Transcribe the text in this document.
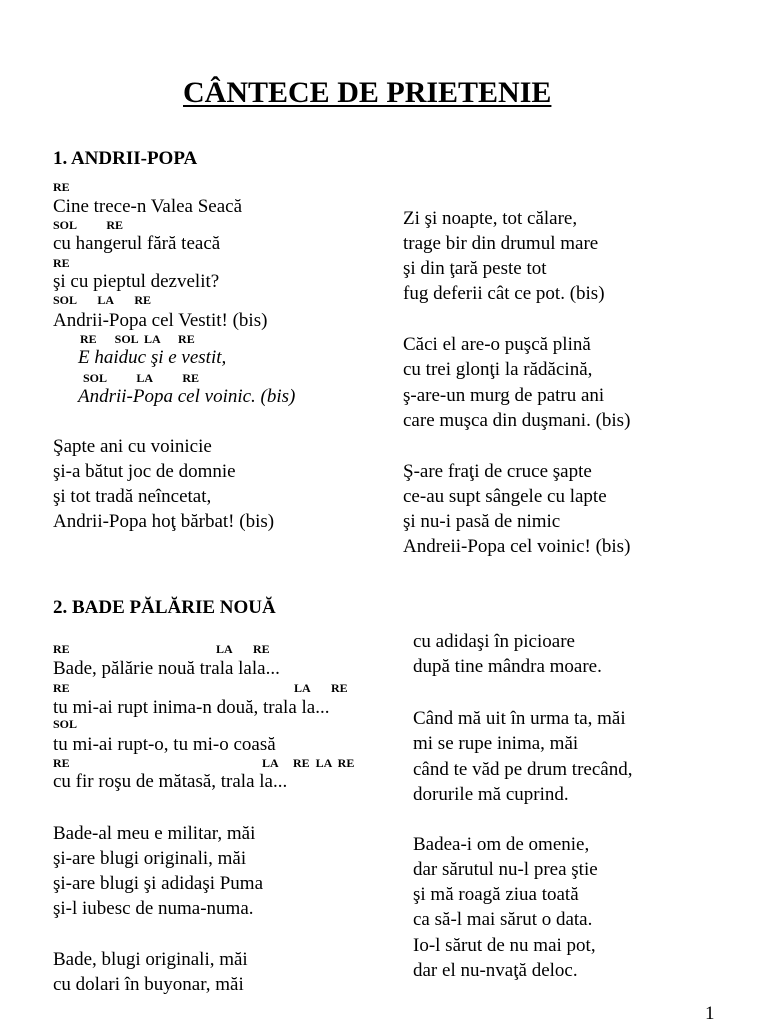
CÂNTECE DE PRIETENIE
1. ANDRII-POPA
RE
Cine trece-n Valea Seacă
SOL          RE
cu hangerul fără teacă
RE
şi cu pieptul dezvelit?
SOL       LA       RE
Andrii-Popa cel Vestit! (bis)
RE      SOL  LA      RE
E haiduc şi e vestit,
SOL          LA          RE
Andrii-Popa cel voinic. (bis)
Şapte ani cu voinicie
şi-a bătut joc de domnie
şi tot tradă neîncetat,
Andrii-Popa hoţ bărbat! (bis)
Zi şi noapte, tot călare,
trage bir din drumul mare
şi din ţară peste tot
fug deferii cât ce pot. (bis)
Căci el are-o puşcă plină
cu trei glonţi la rădăcină,
ş-are-un murg de patru ani
care muşca din duşmani. (bis)
Ş-are fraţi de cruce şapte
ce-au supt sângele cu lapte
şi nu-i pasă de nimic
Andreii-Popa cel voinic! (bis)
2. BADE PĂLĂRIE NOUĂ
RE	LA       RE
Bade, pălărie nouă trala lala...
RE	LA       RE
tu mi-ai rupt inima-n două, trala la...
SOL
tu mi-ai rupt-o, tu mi-o coasă
RE	LA     RE  LA  RE
cu fir roşu de mătasă, trala la...
Bade-al meu e militar, măi
şi-are blugi originali, măi
şi-are blugi şi adidaşi Puma
şi-l iubesc de numa-numa.
Bade, blugi originali, măi
cu dolari în buyonar, măi
cu adidaşi în picioare
după tine mândra moare.
Când mă uit în urma ta, măi
mi se rupe inima, măi
când te văd pe drum trecând,
dorurile mă cuprind.
Badea-i om de omenie,
dar sărutul nu-l prea ştie
şi mă roagă ziua toată
ca să-l mai sărut o data.
Io-l sărut de nu mai pot,
dar el nu-nvaţă deloc.
1
